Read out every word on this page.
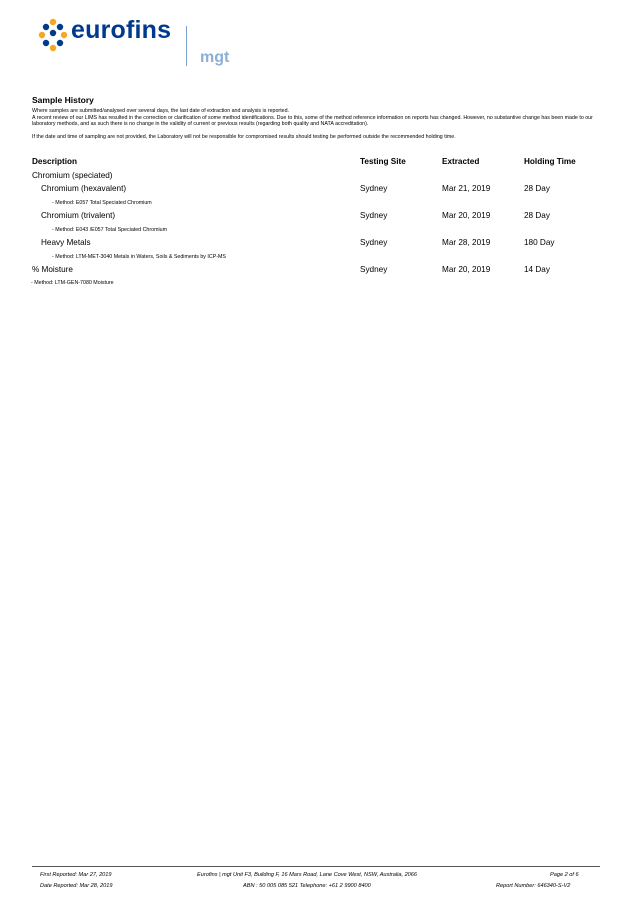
eurofins
mgt
Sample History

Where samples are submitted/analysed over several days, the last date of extraction and analysis is reported.

A recent review of our LIMS has resulted in the correction or clarification of some method identifications. Due to this, some of the method reference information on reports has changed. However, no substantive change has been made to our laboratory methods, and as such there is no change in the validity of current or previous results (regarding both quality and NATA accreditation).

If the date and time of sampling are not provided, the Laboratory will not be responsible for compromised results should testing be performed outside the recommended holding time.

Description	Testing Site	Extracted	Holding Time
Chromium (speciated)
Chromium (hexavalent)	Sydney	Mar 21, 2019	28 Day
- Method: E057 Total Speciated Chromium
Chromium (trivalent)	Sydney	Mar 20, 2019	28 Day
- Method: E043 /E057 Total Speciated Chromium
Heavy Metals	Sydney	Mar 28, 2019	180 Day
- Method: LTM-MET-3040 Metals in Waters, Soils & Sediments by ICP-MS
% Moisture	Sydney	Mar 20, 2019	14 Day
- Method: LTM-GEN-7080 Moisture
First Reported: Mar 27, 2019
Date Reported: Mar 28, 2019
Eurofins | mgt Unit F3, Building F, 16 Mars Road, Lane Cove West, NSW, Australia, 2066
ABN : 50 005 085 521 Telephone: +61 2 9900 8400
Page 2 of 6
Report Number: 646340-S-V2
